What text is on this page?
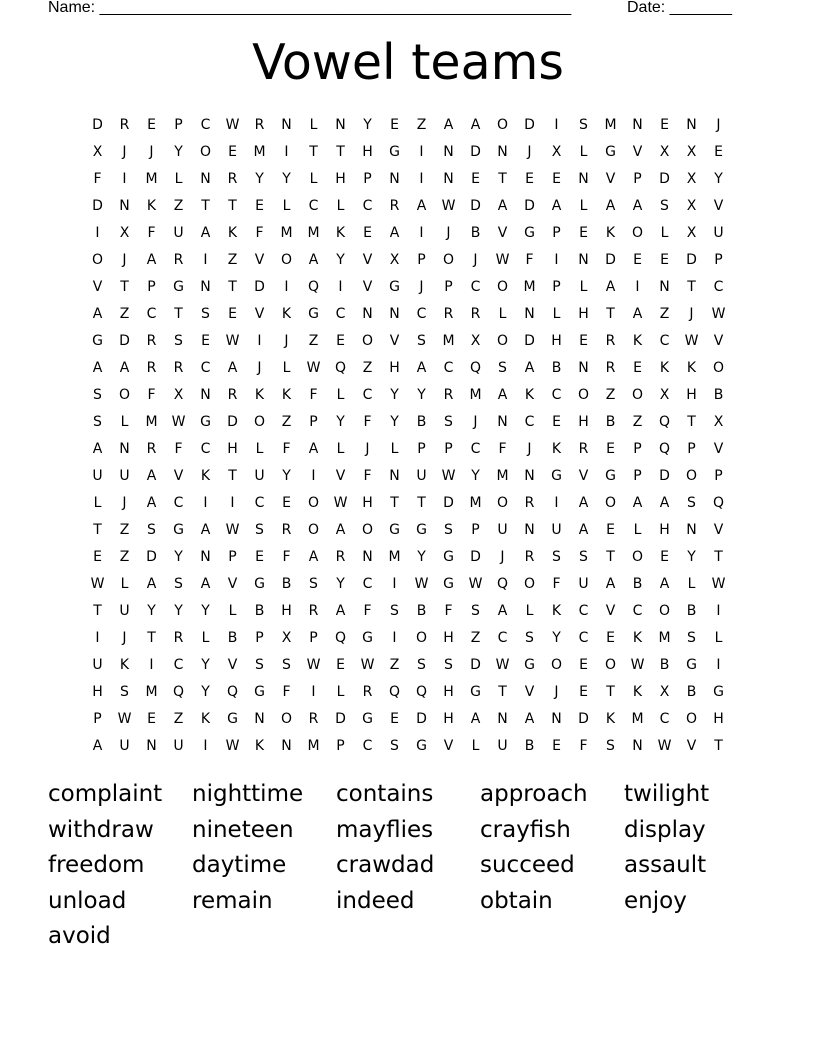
Name: _____________________________________________________	Date: _______
Vowel teams
D	R	E	P	C	W	R	N	L	N	Y	E	Z	A	A	O	D	I	S	M	N	E	N	J
X	J	J	Y	O	E	M	I	T	T	H	G	I	N	D	N	J	X	L	G	V	X	X	E
F	I	M	L	N	R	Y	Y	L	H	P	N	I	N	E	T	E	E	N	V	P	D	X	Y
D	N	K	Z	T	T	E	L	C	L	C	R	A	W	D	A	D	A	L	A	A	S	X	V
I	X	F	U	A	K	F	M	M	K	E	A	I	J	B	V	G	P	E	K	O	L	X	U
O	J	A	R	I	Z	V	O	A	Y	V	X	P	O	J	W	F	I	N	D	E	E	D	P
V	T	P	G	N	T	D	I	Q	I	V	G	J	P	C	O	M	P	L	A	I	N	T	C
A	Z	C	T	S	E	V	K	G	C	N	N	C	R	R	L	N	L	H	T	A	Z	J	W
G	D	R	S	E	W	I	J	Z	E	O	V	S	M	X	O	D	H	E	R	K	C	W	V
A	A	R	R	C	A	J	L	W	Q	Z	H	A	C	Q	S	A	B	N	R	E	K	K	O
S	O	F	X	N	R	K	K	F	L	C	Y	Y	R	M	A	K	C	O	Z	O	X	H	B
S	L	M	W	G	D	O	Z	P	Y	F	Y	B	S	J	N	C	E	H	B	Z	Q	T	X
A	N	R	F	C	H	L	F	A	L	J	L	P	P	C	F	J	K	R	E	P	Q	P	V
U	U	A	V	K	T	U	Y	I	V	F	N	U	W	Y	M	N	G	V	G	P	D	O	P
L	J	A	C	I	I	C	E	O	W	H	T	T	D	M	O	R	I	A	O	A	A	S	Q
T	Z	S	G	A	W	S	R	O	A	O	G	G	S	P	U	N	U	A	E	L	H	N	V
E	Z	D	Y	N	P	E	F	A	R	N	M	Y	G	D	J	R	S	S	T	O	E	Y	T
W	L	A	S	A	V	G	B	S	Y	C	I	W	G	W	Q	O	F	U	A	B	A	L	W
T	U	Y	Y	Y	L	B	H	R	A	F	S	B	F	S	A	L	K	C	V	C	O	B	I
I	J	T	R	L	B	P	X	P	Q	G	I	O	H	Z	C	S	Y	C	E	K	M	S	L
U	K	I	C	Y	V	S	S	W	E	W	Z	S	S	D	W	G	O	E	O	W	B	G	I
H	S	M	Q	Y	Q	G	F	I	L	R	Q	Q	H	G	T	V	J	E	T	K	X	B	G
P	W	E	Z	K	G	N	O	R	D	G	E	D	H	A	N	A	N	D	K	M	C	O	H
A	U	N	U	I	W	K	N	M	P	C	S	G	V	L	U	B	E	F	S	N	W	V	T
complaint	nighttime	contains	approach	twilight
withdraw	nineteen	mayflies	crayfish	display
freedom	daytime	crawdad	succeed	assault
unload	remain	indeed	obtain	enjoy
avoid
